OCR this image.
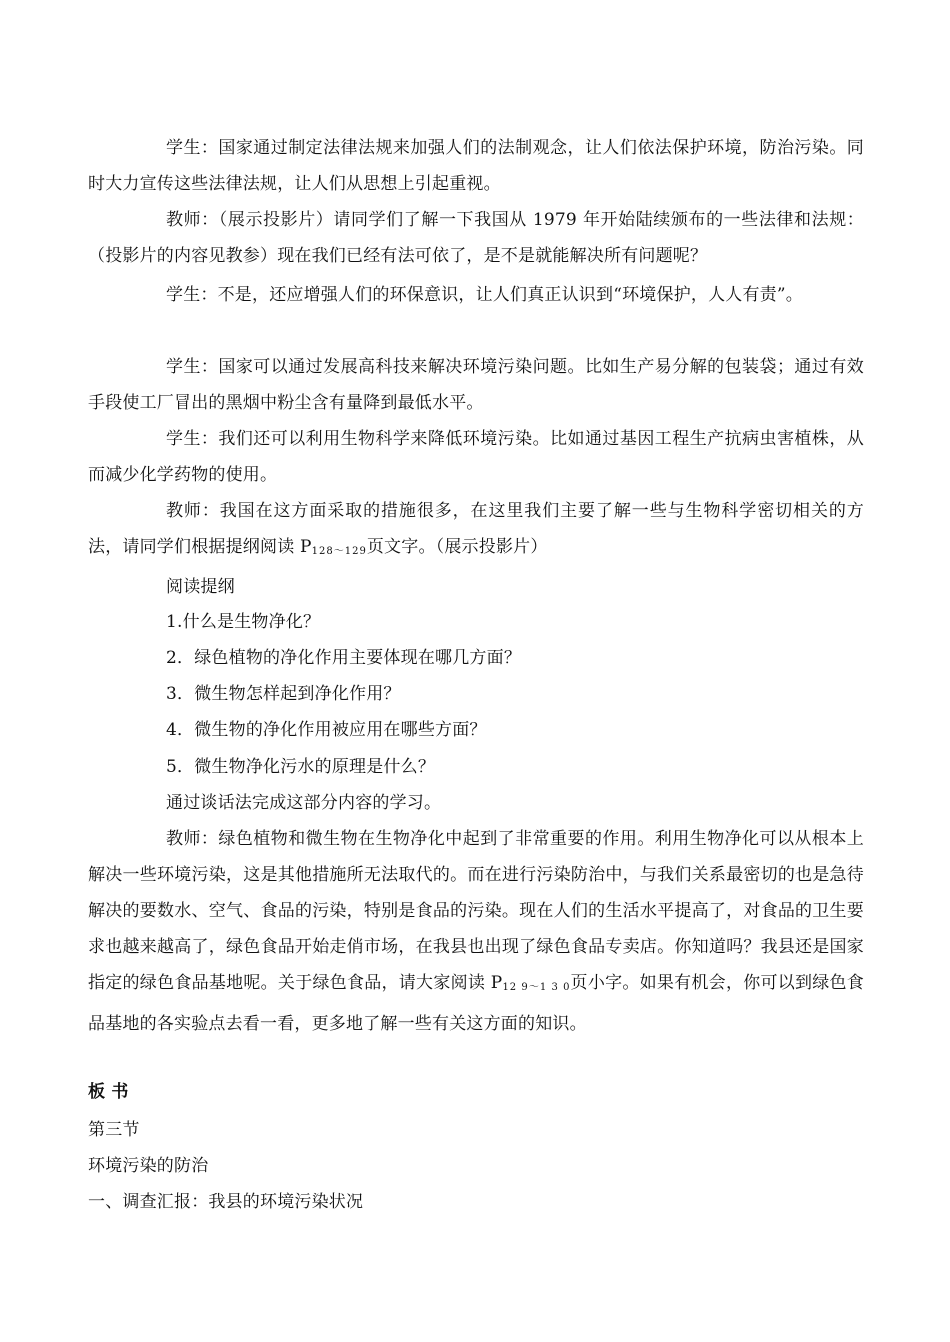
学生：国家通过制定法律法规来加强人们的法制观念，让人们依法保护环境，防治污染。同时大力宣传这些法律法规，让人们从思想上引起重视。

教师：（展示投影片）请同学们了解一下我国从 1979 年开始陆续颁布的一些法律和法规：（投影片的内容见教参）现在我们已经有法可依了，是不是就能解决所有问题呢？

学生：不是，还应增强人们的环保意识，让人们真正认识到“环境保护，人人有责”。

学生：国家可以通过发展高科技来解决环境污染问题。比如生产易分解的包装袋；通过有效手段使工厂冒出的黑烟中粉尘含有量降到最低水平。

学生：我们还可以利用生物科学来降低环境污染。比如通过基因工程生产抗病虫害植株，从而减少化学药物的使用。

教师：我国在这方面采取的措施很多，在这里我们主要了解一些与生物科学密切相关的方法，请同学们根据提纲阅读 $P_{128\sim 129}$页文字。（展示投影片）

阅读提纲

1.什么是生物净化？

2．绿色植物的净化作用主要体现在哪几方面？

3．微生物怎样起到净化作用？

4．微生物的净化作用被应用在哪些方面？

5．微生物净化污水的原理是什么？

通过谈话法完成这部分内容的学习。

教师：绿色植物和微生物在生物净化中起到了非常重要的作用。利用生物净化可以从根本上解决一些环境污染，这是其他措施所无法取代的。而在进行污染防治中，与我们关系最密切的也是急待解决的要数水、空气、食品的污染，特别是食品的污染。现在人们的生活水平提高了，对食品的卫生要求也越来越高了，绿色食品开始走俏市场，在我县也出现了绿色食品专卖店。你知道吗？我县还是国家指定的绿色食品基地呢。关于绿色食品，请大家阅读 $P_{12 9\sim 1 3 0}$页小字。如果有机会，你可以到绿色食品基地的各实验点去看一看，更多地了解一些有关这方面的知识。

板 书

第三节

环境污染的防治

一、调查汇报：我县的环境污染状况
